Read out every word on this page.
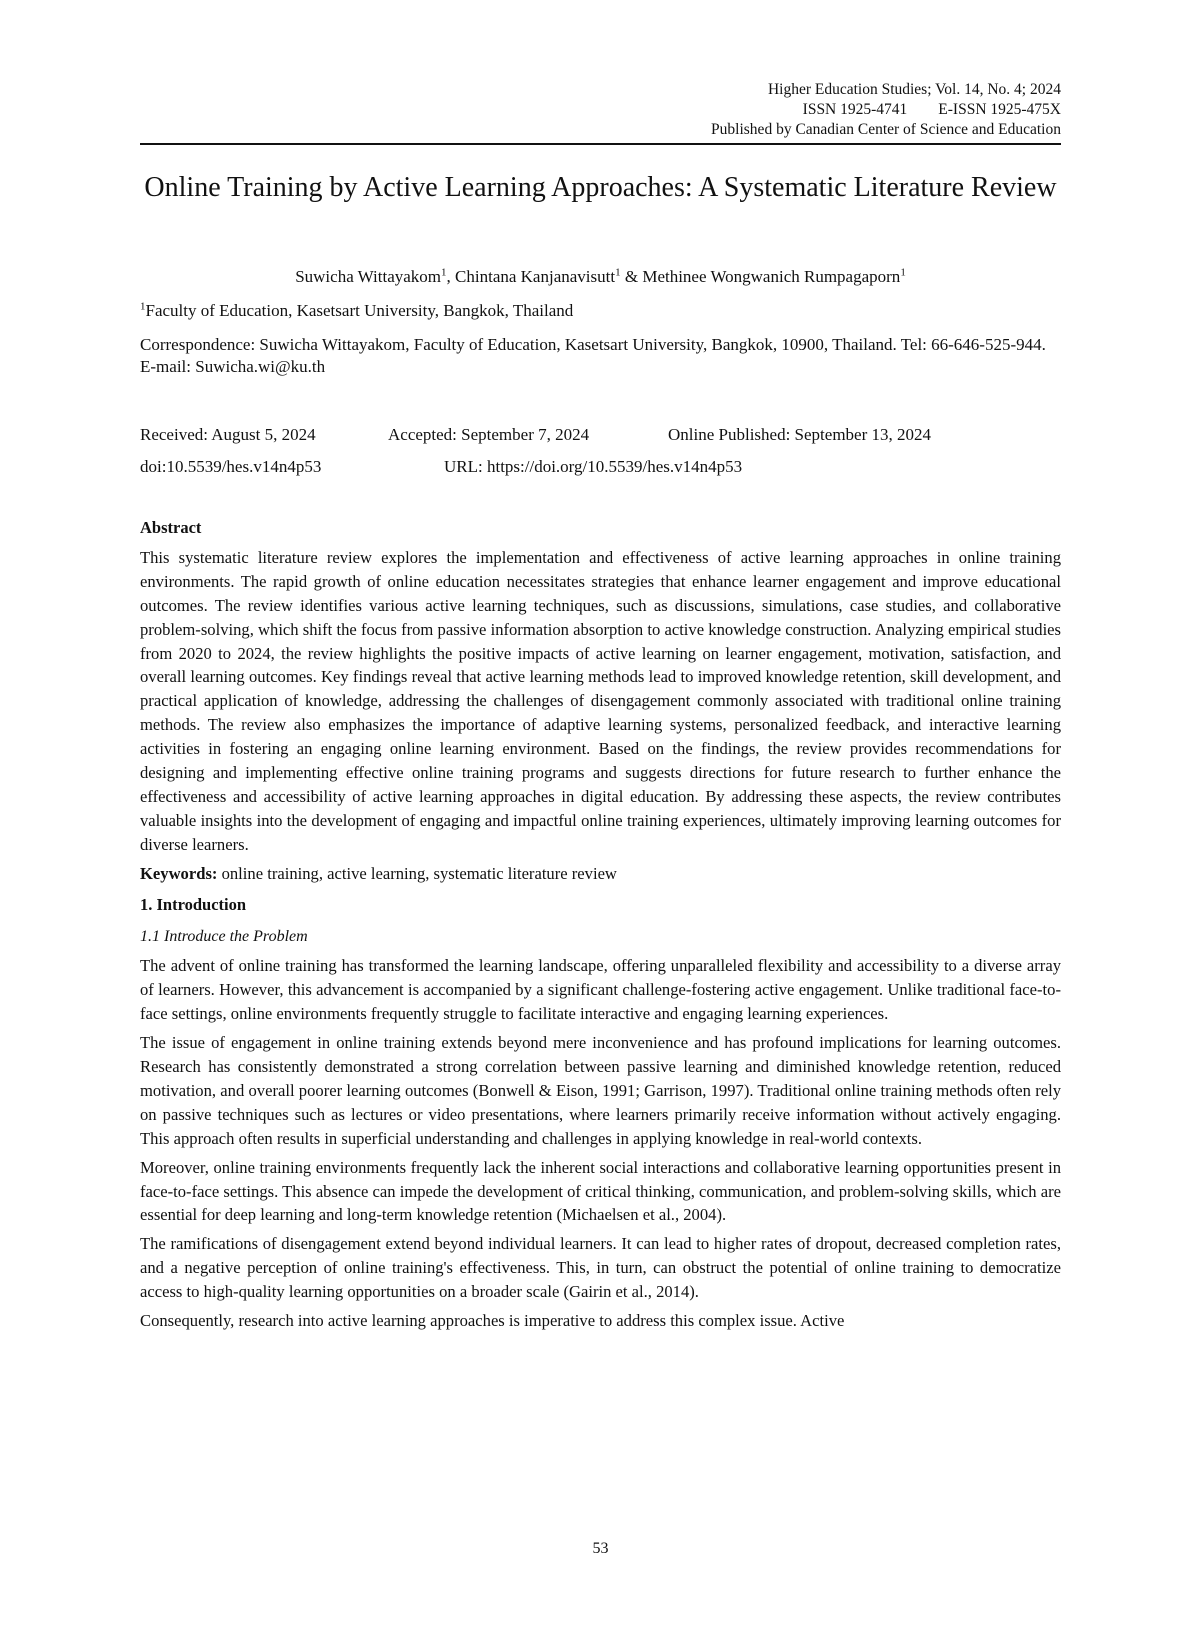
Higher Education Studies; Vol. 14, No. 4; 2024
ISSN 1925-4741        E-ISSN 1925-475X
Published by Canadian Center of Science and Education
Online Training by Active Learning Approaches: A Systematic Literature Review
Suwicha Wittayakom$^1$, Chintana Kanjanavisutt$^1$ & Methinee Wongwanich Rumpagaporn$^1$
$^1$Faculty of Education, Kasetsart University, Bangkok, Thailand
Correspondence: Suwicha Wittayakom, Faculty of Education, Kasetsart University, Bangkok, 10900, Thailand. Tel: 66-646-525-944. E-mail: Suwicha.wi@ku.th
Received: August 5, 2024	Accepted: September 7, 2024	Online Published: September 13, 2024
doi:10.5539/hes.v14n4p53	URL: https://doi.org/10.5539/hes.v14n4p53
Abstract

This systematic literature review explores the implementation and effectiveness of active learning approaches in online training environments. The rapid growth of online education necessitates strategies that enhance learner engagement and improve educational outcomes. The review identifies various active learning techniques, such as discussions, simulations, case studies, and collaborative problem-solving, which shift the focus from passive information absorption to active knowledge construction. Analyzing empirical studies from 2020 to 2024, the review highlights the positive impacts of active learning on learner engagement, motivation, satisfaction, and overall learning outcomes. Key findings reveal that active learning methods lead to improved knowledge retention, skill development, and practical application of knowledge, addressing the challenges of disengagement commonly associated with traditional online training methods. The review also emphasizes the importance of adaptive learning systems, personalized feedback, and interactive learning activities in fostering an engaging online learning environment. Based on the findings, the review provides recommendations for designing and implementing effective online training programs and suggests directions for future research to further enhance the effectiveness and accessibility of active learning approaches in digital education. By addressing these aspects, the review contributes valuable insights into the development of engaging and impactful online training experiences, ultimately improving learning outcomes for diverse learners.

Keywords: online training, active learning, systematic literature review
1. Introduction
1.1 Introduce the Problem

The advent of online training has transformed the learning landscape, offering unparalleled flexibility and accessibility to a diverse array of learners. However, this advancement is accompanied by a significant challenge-fostering active engagement. Unlike traditional face-to-face settings, online environments frequently struggle to facilitate interactive and engaging learning experiences.

The issue of engagement in online training extends beyond mere inconvenience and has profound implications for learning outcomes. Research has consistently demonstrated a strong correlation between passive learning and diminished knowledge retention, reduced motivation, and overall poorer learning outcomes (Bonwell & Eison, 1991; Garrison, 1997). Traditional online training methods often rely on passive techniques such as lectures or video presentations, where learners primarily receive information without actively engaging. This approach often results in superficial understanding and challenges in applying knowledge in real-world contexts.

Moreover, online training environments frequently lack the inherent social interactions and collaborative learning opportunities present in face-to-face settings. This absence can impede the development of critical thinking, communication, and problem-solving skills, which are essential for deep learning and long-term knowledge retention (Michaelsen et al., 2004).

The ramifications of disengagement extend beyond individual learners. It can lead to higher rates of dropout, decreased completion rates, and a negative perception of online training's effectiveness. This, in turn, can obstruct the potential of online training to democratize access to high-quality learning opportunities on a broader scale (Gairin et al., 2014).

Consequently, research into active learning approaches is imperative to address this complex issue. Active

53
